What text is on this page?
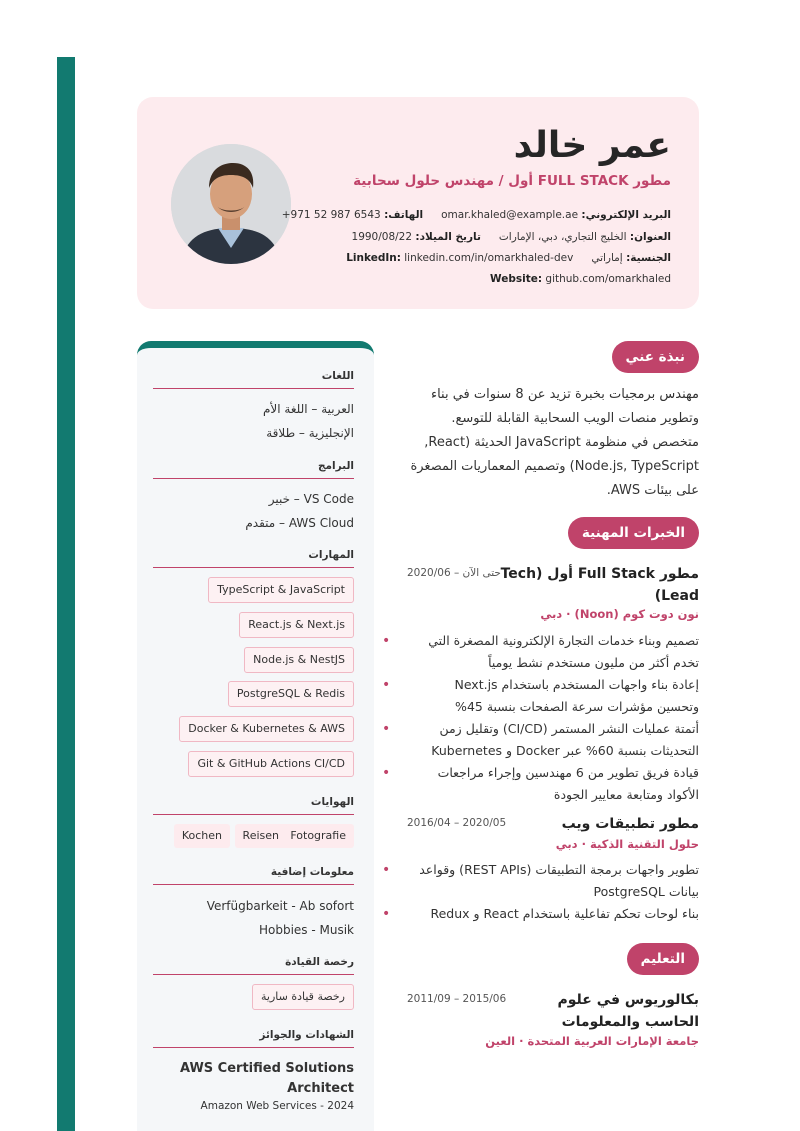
عمر خالد
مطور FULL STACK أول / مهندس حلول سحابية
البريد الإلكتروني: omar.khaled@example.ae
الهاتف: +971 52 987 6543
العنوان: الخليج التجاري، دبي، الإمارات
تاريخ الميلاد: 1990/08/22
الجنسية: إماراتي
LinkedIn: linkedin.com/in/omarkhaled-dev
Website: github.com/omarkhaled
اللغات
العربية – اللغة الأم
الإنجليزية – طلاقة
البرامج
VS Code – خبير
AWS Cloud – متقدم
المهارات
TypeScript & JavaScript
React.js & Next.js
Node.js & NestJS
PostgreSQL & Redis
Docker & Kubernetes & AWS
Git & GitHub Actions CI/CD
الهوايات
Fotografie
Reisen
Kochen
معلومات إضافية
Verfügbarkeit - Ab sofort
Hobbies - Musik
رخصة القيادة
رخصة قيادة سارية
الشهادات والجوائز
AWS Certified Solutions Architect
Amazon Web Services - 2024
نبذة عني
مهندس برمجيات بخبرة تزيد عن 8 سنوات في بناء
وتطوير منصات الويب السحابية القابلة للتوسع.
متخصص في منظومة JavaScript الحديثة (React,
Node.js, TypeScript) وتصميم المعماريات المصغرة
على بيئات AWS.
الخبرات المهنية
مطور Full Stack أول (Tech Lead)
2020/06 – حتى الآن
نون دوت كوم (Noon) · دبي
• تصميم وبناء خدمات التجارة الإلكترونية المصغرة التي تخدم أكثر من مليون مستخدم نشط يومياً
• إعادة بناء واجهات المستخدم باستخدام Next.js وتحسين مؤشرات سرعة الصفحات بنسبة 45%
• أتمتة عمليات النشر المستمر (CI/CD) وتقليل زمن التحديثات بنسبة 60% عبر Docker و Kubernetes
• قيادة فريق تطوير من 6 مهندسين وإجراء مراجعات الأكواد ومتابعة معايير الجودة
مطور تطبيقات ويب
2016/04 – 2020/05
حلول التقنية الذكية · دبي
• تطوير واجهات برمجة التطبيقات (REST APIs) وقواعد بيانات PostgreSQL
• بناء لوحات تحكم تفاعلية باستخدام React و Redux
التعليم
بكالوريوس في علوم الحاسب والمعلومات
2011/09 – 2015/06
جامعة الإمارات العربية المتحدة · العين
